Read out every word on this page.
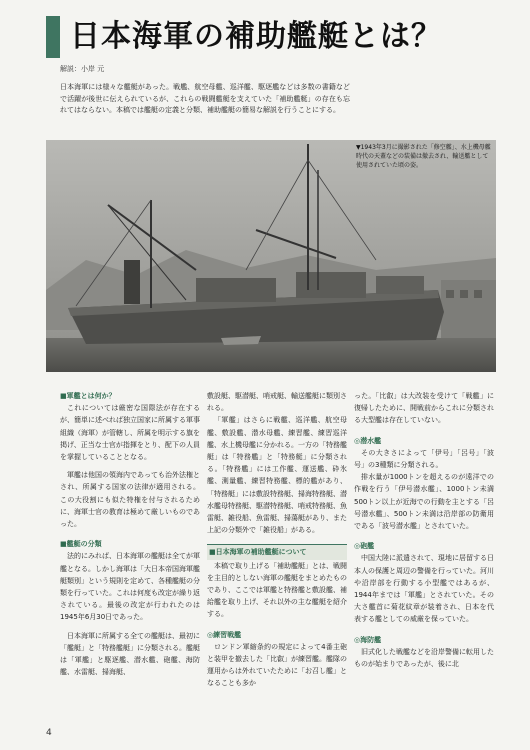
日本海軍の補助艦艇とは？
解説：小岸 元
日本海軍には様々な艦艇があった。戦艦、航空母艦、巡洋艦、駆逐艦などは多数の書籍などで活躍が後世に伝えられているが、これらの戦闘艦艇を支えていた「補助艦艇」の存在も忘れてはならない。本稿では艦艇の定義と分類、補助艦艇の簡易な解説を行うことにする。
▼1943年3月に撮影された「修空艦」、水上機母艦時代の天蓋などの装備は撤去され、輸送艦として使用されていた頃の姿。

■軍艦とは何か？

これについては厳密な国際法が存在するが、簡単に述べれば独立国家に所属する軍事組織（海軍）が管轄し、所属を明示する旗を掲げ、正当な士官が指揮をとり、配下の人員を掌握していることとなる。

軍艦は他国の領海内であっても治外法権とされ、所属する国家の法律が適用される。この大役割にも似た特権を付与されるために、海軍士官の教育は極めて厳しいものであった。

■艦艇の分類

法的にみれば、日本海軍の艦艇は全てが軍艦となる。しかし海軍は「大日本帝国海軍艦艇類別」という規則を定めて、各種艦艇の分類を行っていた。これは何度も改定が繰り返されている。最後の改定が行われたのは1945年6月30日であった。

日本海軍に所属する全ての艦艇は、最初に「艦艇」と「特務艦艇」に分類される。艦艇は「軍艦」と駆逐艦、潜水艦、砲艦、海防艦、水雷艇、掃海艇、

敷設艇、駆潜艇、哨戒艇、輸送艦艇に類別される。

「軍艦」はさらに戦艦、巡洋艦、航空母艦、敷設艦、潜水母艦、練習艦、練習巡洋艦、水上機母艦に分かれる。一方の「特務艦艇」は「特務艦」と「特務艇」に分類される。「特務艦」には工作艦、運送艦、砕氷艦、測量艦、練習特務艦、標的艦があり、「特務艇」には敷設特務艇、掃海特務艇、潜水艦母特務艇、駆潜特務艇、哨戒特務艇、魚雷艇、雑役船、魚雷艇、掃蕩艇があり、また上記の分類外で「雑役船」がある。

■日本海軍の補助艦艇について

本稿で取り上げる「補助艦艇」とは、戦闘を主目的としない海軍の艦艇をまとめたものであり、ここでは軍艦と特務艦と敷設艦、補給艦を取り上げ、それ以外の主な艦艇を紹介する。

◎練習戦艦

ロンドン軍縮条約の規定によって4番主砲と装甲を撤去した「比叡」が練習艦。艦隊の運用からは外れていたために「お召し艦」となることも多か

った。「比叡」は大改装を受けて「戦艦」に復帰したために、開戦前からこれに分類される大型艦は存在していない。

◎潜水艦

その大きさによって「伊号」「呂号」「波号」の3種類に分類される。

排水量が1000トンを超えるのが遠洋での作戦を行う「伊号潜水艦」、1000トン未満500トン以上が近海での行動を主とする「呂号潜水艦」、500トン未満は沿岸部の防衛用である「波号潜水艦」とされていた。

◎砲艦

中国大陸に派遣されて、現地に居留する日本人の保護と周辺の警備を行っていた。河川や沿岸部を行動する小型艦ではあるが、1944年までは「軍艦」とされていた。その大さ艦首に菊花紋章が装着され、日本を代表する艦としての威厳を保っていた。

◎海防艦

旧式化した戦艦などを沿岸警備に転用したものが始まりであったが、後に北

4
